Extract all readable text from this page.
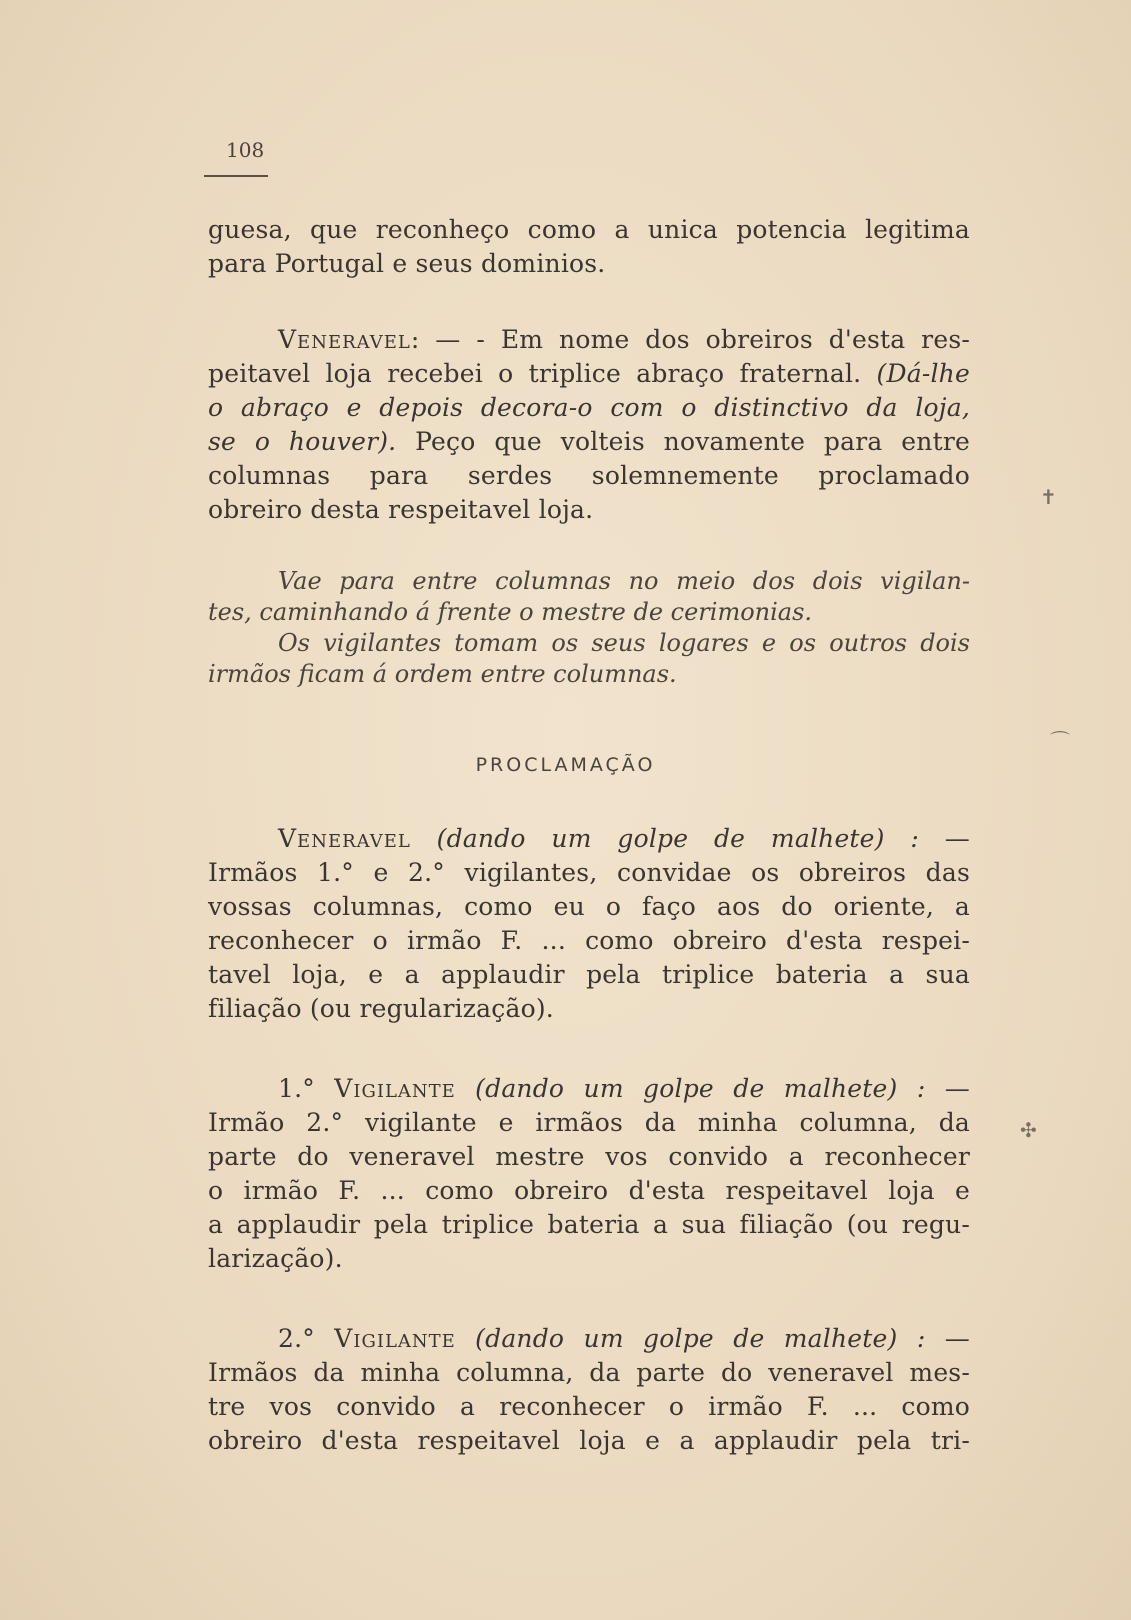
108
guesa, que reconheço como a unica potencia legitima
para Portugal e seus dominios.
Veneravel: — - Em nome dos obreiros d'esta res-
peitavel loja recebei o triplice abraço fraternal. (Dá-lhe
o abraço e depois decora-o com o distinctivo da loja,
se o houver). Peço que volteis novamente para entre
columnas para serdes solemnemente proclamado
obreiro desta respeitavel loja.
Vae para entre columnas no meio dos dois vigilan-
tes, caminhando á frente o mestre de cerimonias.
Os vigilantes tomam os seus logares e os outros dois
irmãos ficam á ordem entre columnas.
PROCLAMAÇÃO
Veneravel (dando um golpe de malhete) : —
Irmãos 1.° e 2.° vigilantes, convidae os obreiros das
vossas columnas, como eu o faço aos do oriente, a
reconhecer o irmão F. ... como obreiro d'esta respei-
tavel loja, e a applaudir pela triplice bateria a sua
filiação (ou regularização).
1.° Vigilante (dando um golpe de malhete) : —
Irmão 2.° vigilante e irmãos da minha columna, da
parte do veneravel mestre vos convido a reconhecer
o irmão F. ... como obreiro d'esta respeitavel loja e
a applaudir pela triplice bateria a sua filiação (ou regu-
larização).
2.° Vigilante (dando um golpe de malhete) : —
Irmãos da minha columna, da parte do veneravel mes-
tre vos convido a reconhecer o irmão F. ... como
obreiro d'esta respeitavel loja e a applaudir pela tri-
✝
⌒
✣
